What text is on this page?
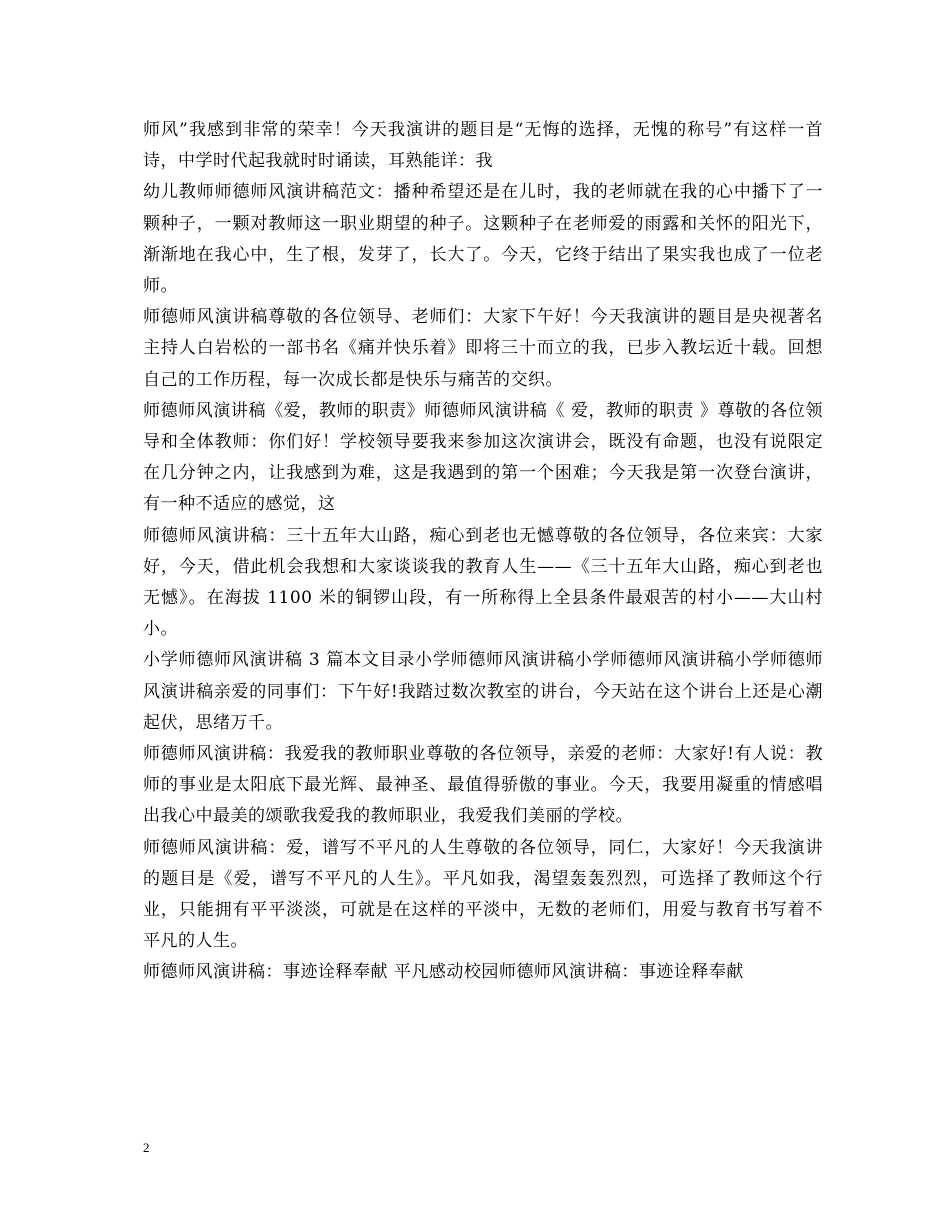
师风”我感到非常的荣幸！今天我演讲的题目是“无悔的选择，无愧的称号”有这样一首诗，中学时代起我就时时诵读，耳熟能详：我

幼儿教师师德师风演讲稿范文：播种希望还是在儿时，我的老师就在我的心中播下了一颗种子，一颗对教师这一职业期望的种子。这颗种子在老师爱的雨露和关怀的阳光下，渐渐地在我心中，生了根，发芽了，长大了。今天，它终于结出了果实我也成了一位老师。

师德师风演讲稿尊敬的各位领导、老师们：大家下午好！今天我演讲的题目是央视著名主持人白岩松的一部书名《痛并快乐着》即将三十而立的我，已步入教坛近十载。回想自己的工作历程，每一次成长都是快乐与痛苦的交织。

师德师风演讲稿《爱，教师的职责》师德师风演讲稿《 爱，教师的职责 》尊敬的各位领导和全体教师：你们好！学校领导要我来参加这次演讲会，既没有命题，也没有说限定在几分钟之内，让我感到为难，这是我遇到的第一个困难；今天我是第一次登台演讲，有一种不适应的感觉，这

师德师风演讲稿：三十五年大山路，痴心到老也无憾尊敬的各位领导，各位来宾：大家好，今天，借此机会我想和大家谈谈我的教育人生——《三十五年大山路，痴心到老也无憾》。在海拔 1100 米的铜锣山段，有一所称得上全县条件最艰苦的村小——大山村小。

小学师德师风演讲稿 3 篇本文目录小学师德师风演讲稿小学师德师风演讲稿小学师德师风演讲稿亲爱的同事们：下午好!我踏过数次教室的讲台，今天站在这个讲台上还是心潮起伏，思绪万千。

师德师风演讲稿：我爱我的教师职业尊敬的各位领导，亲爱的老师：大家好!有人说：教师的事业是太阳底下最光辉、最神圣、最值得骄傲的事业。今天，我要用凝重的情感唱出我心中最美的颂歌我爱我的教师职业，我爱我们美丽的学校。

师德师风演讲稿：爱，谱写不平凡的人生尊敬的各位领导，同仁，大家好！今天我演讲的题目是《爱，谱写不平凡的人生》。平凡如我，渴望轰轰烈烈，可选择了教师这个行业，只能拥有平平淡淡，可就是在这样的平淡中，无数的老师们，用爱与教育书写着不平凡的人生。

师德师风演讲稿：事迹诠释奉献 平凡感动校园师德师风演讲稿：事迹诠释奉献

2
